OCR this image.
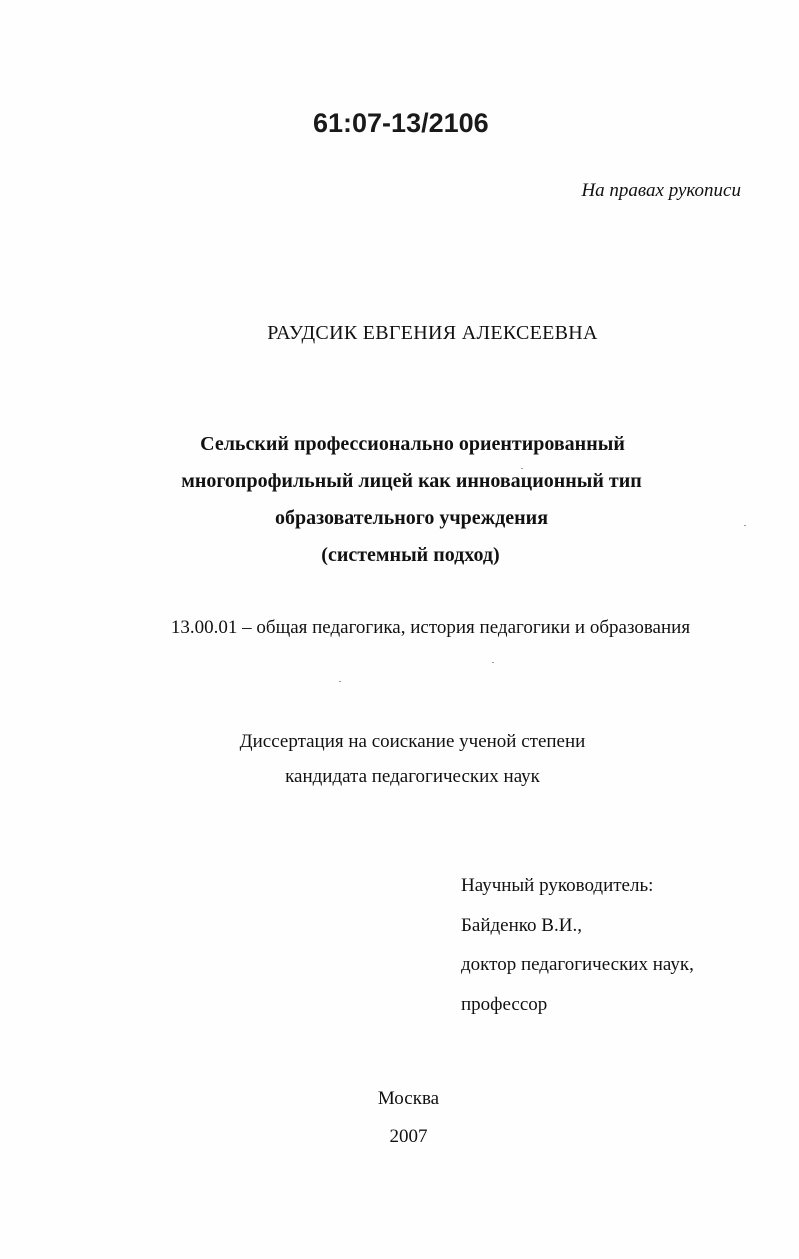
61:07-13/2106
На правах рукописи
РАУДСИК ЕВГЕНИЯ АЛЕКСЕЕВНА
Сельский профессионально ориентированный
многопрофильный лицей как инновационный тип
образовательного учреждения
(системный подход)
13.00.01 – общая педагогика, история педагогики и образования
Диссертация на соискание ученой степени
кандидата педагогических наук
Научный руководитель:
Байденко В.И.,
доктор педагогических наук,
профессор
Москва
2007
